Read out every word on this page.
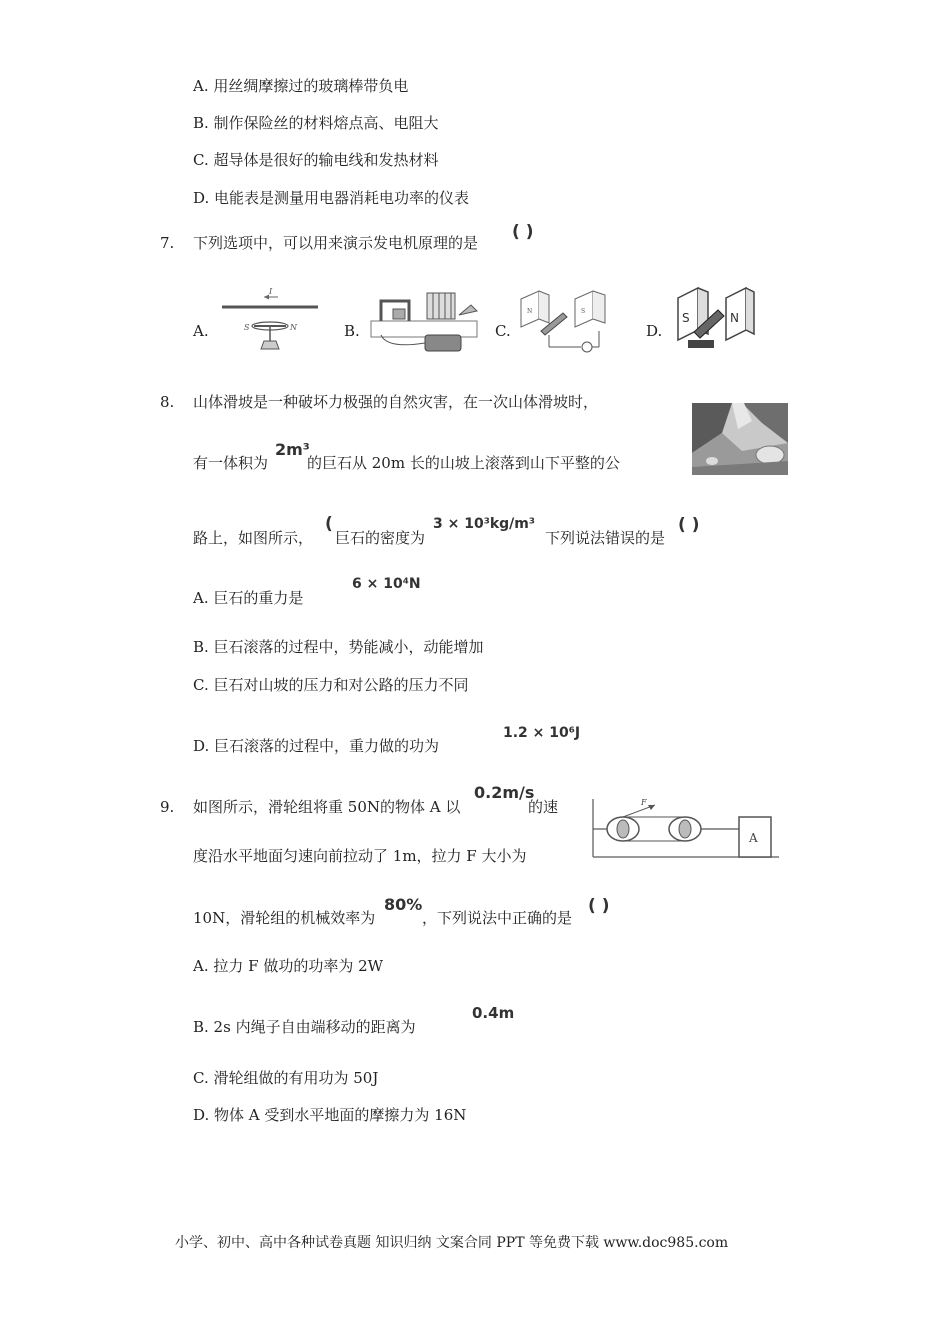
A. 用丝绸摩擦过的玻璃棒带负电
B. 制作保险丝的材料熔点高、电阻大
C. 超导体是很好的输电线和发热材料
D. 电能表是测量用电器消耗电功率的仪表
7. 下列选项中，可以用来演示发电机原理的是
( )
A.
I
S	N	B.	C.
N	S
D.
S	N
8. 山体滑坡是一种破坏力极强的自然灾害，在一次山体滑坡时，
有一体积为
2m³
的巨石从 20m 长的山坡上滚落到山下平整的公
路上，如图所示，
(
巨石的密度为
3 × 10³kg/m³
下列说法错误的是
( )
A. 巨石的重力是
6 × 10⁴N
B. 巨石滚落的过程中，势能减小，动能增加
C. 巨石对山坡的压力和对公路的压力不同
D. 巨石滚落的过程中，重力做的功为
1.2 × 10⁶J
9. 如图所示，滑轮组将重 50N的物体 A 以
0.2m/s
的速	F
A
度沿水平地面匀速向前拉动了 1m，拉力 F 大小为
10N，滑轮组的机械效率为
80%
，下列说法中正确的是
( )
A. 拉力 F 做功的功率为 2W
B. 2s 内绳子自由端移动的距离为
0.4m
C. 滑轮组做的有用功为 50J
D. 物体 A 受到水平地面的摩擦力为 16N
小学、初中、高中各种试卷真题 知识归纳 文案合同 PPT 等免费下载 www.doc985.com
